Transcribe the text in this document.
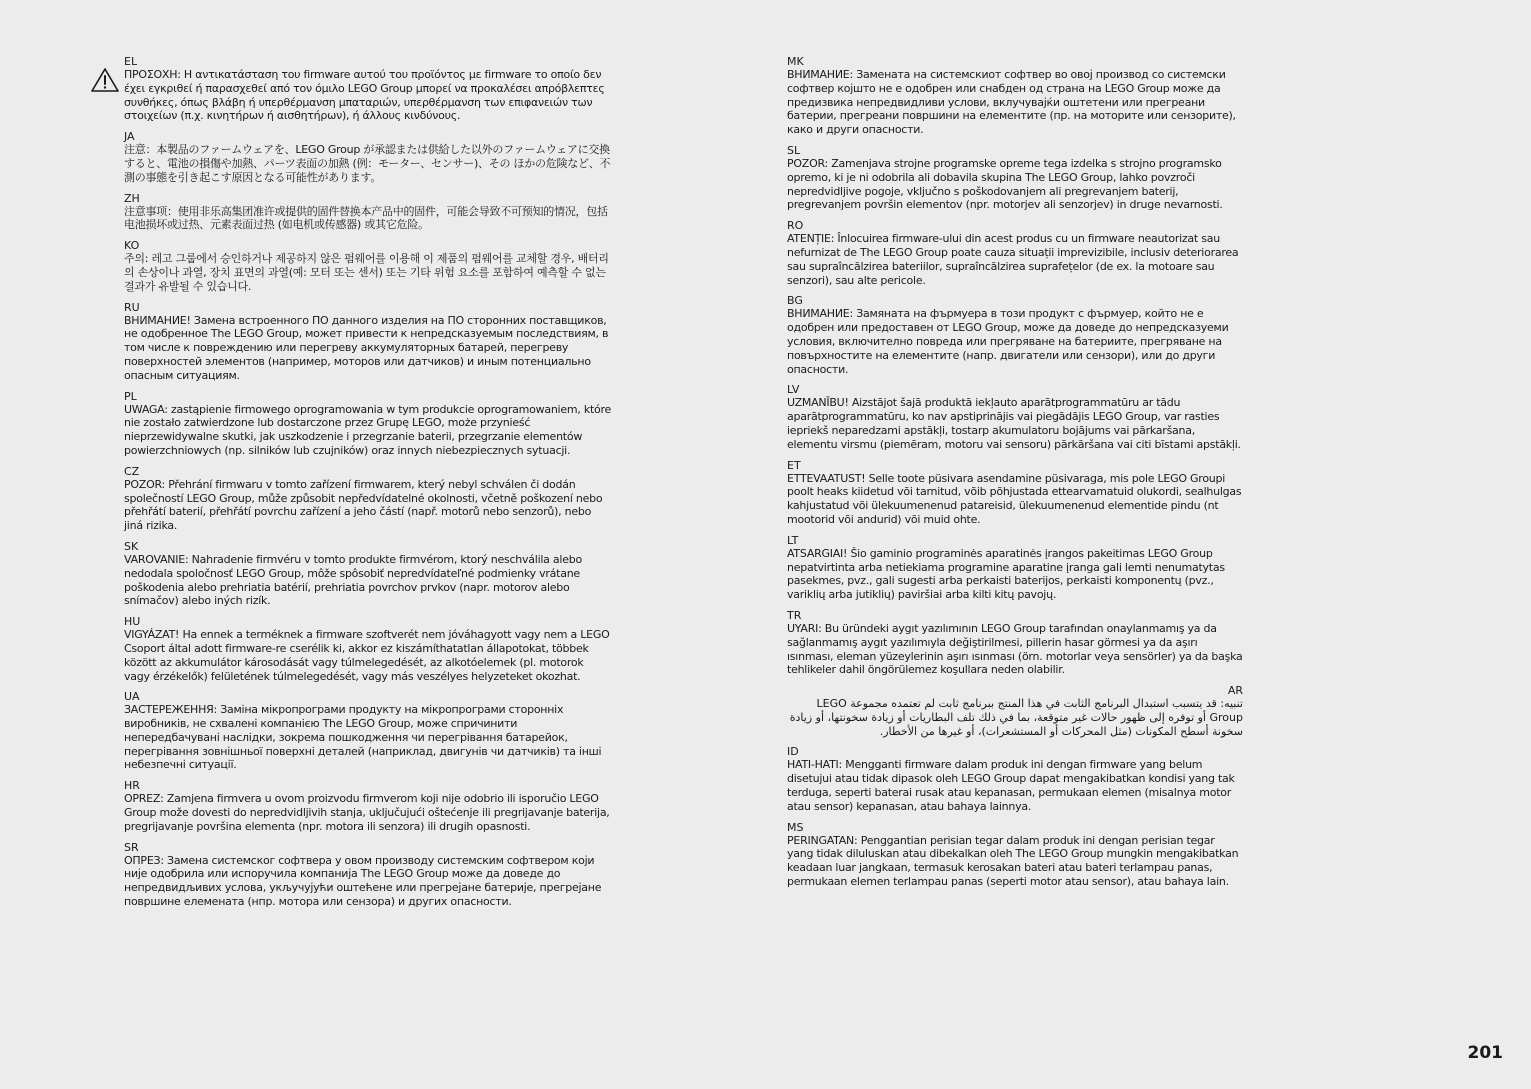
EL

ΠΡΟΣΟΧΗ: Η αντικατάσταση του firmware αυτού του προϊόντος με firmware το οποίο δεν έχει εγκριθεί ή παρασχεθεί από τον όμιλο LEGO Group μπορεί να προκαλέσει απρόβλεπτες συνθήκες, όπως βλάβη ή υπερθέρμανση μπαταριών, υπερθέρμανση των επιφανειών των στοιχείων (π.χ. κινητήρων ή αισθητήρων), ή άλλους κινδύνους.

JA

注意：本製品のファームウェアを、LEGO Group が承認または供給した以外のファームウェアに交換すると、電池の損傷や加熱、パーツ表面の加熱 (例：モーター、センサー)、その ほかの危険など、不測の事態を引き起こす原因となる可能性があります。

ZH

注意事项：使用非乐高集团准许或提供的固件替换本产品中的固件，可能会导致不可预知的情况，包括电池损坏或过热、元素表面过热 (如电机或传感器) 或其它危险。

KO

주의: 레고 그룹에서 승인하거나 제공하지 않은 펌웨어를 이용해 이 제품의 펌웨어를 교체할 경우, 배터리의 손상이나 과열, 장치 표면의 과열(예: 모터 또는 센서) 또는 기타 위험 요소를 포함하여 예측할 수 없는 결과가 유발될 수 있습니다.

RU

ВНИМАНИЕ! Замена встроенного ПО данного изделия на ПО сторонних поставщиков, не одобренное The LEGO Group, может привести к непредсказуемым последствиям, в том числе к повреждению или перегреву аккумуляторных батарей, перегреву поверхностей элементов (например, моторов или датчиков) и иным потенциально опасным ситуациям.

PL

UWAGA: zastąpienie firmowego oprogramowania w tym produkcie oprogramowaniem, które nie zostało zatwierdzone lub dostarczone przez Grupę LEGO, może przynieść nieprzewidywalne skutki, jak uszkodzenie i przegrzanie baterii, przegrzanie elementów powierzchniowych (np. silników lub czujników) oraz innych niebezpiecznych sytuacji.

CZ

POZOR: Přehrání firmwaru v tomto zařízení firmwarem, který nebyl schválen či dodán společností LEGO Group, může způsobit nepředvídatelné okolnosti, včetně poškození nebo přehřátí baterií, přehřátí povrchu zařízení a jeho částí (např. motorů nebo senzorů), nebo jiná rizika.

SK

VAROVANIE: Nahradenie firmvéru v tomto produkte firmvérom, ktorý neschválila alebo nedodala spoločnosť LEGO Group, môže spôsobiť nepredvídateľné podmienky vrátane poškodenia alebo prehriatia batérií, prehriatia povrchov prvkov (napr. motorov alebo snímačov) alebo iných rizík.

HU

VIGYÁZAT! Ha ennek a terméknek a firmware szoftverét nem jóváhagyott vagy nem a LEGO Csoport által adott firmware-re cserélik ki, akkor ez kiszámíthatatlan állapotokat, többek között az akkumulátor károsodását vagy túlmelegedését, az alkotóelemek (pl. motorok vagy érzékelők) felületének túlmelegedését, vagy más veszélyes helyzeteket okozhat.

UA

ЗАСТЕРЕЖЕННЯ: Заміна мікропрограми продукту на мікропрограми сторонніх виробників, не схвалені компанією The LEGO Group, може спричинити непередбачувані наслідки, зокрема пошкодження чи перегрівання батарейок, перегрівання зовнішньої поверхні деталей (наприклад, двигунів чи датчиків) та інші небезпечні ситуації.

HR

OPREZ: Zamjena firmvera u ovom proizvodu firmverom koji nije odobrio ili isporučio LEGO Group može dovesti do nepredvidljivih stanja, uključujući oštećenje ili pregrijavanje baterija, pregrijavanje površina elementa (npr. motora ili senzora) ili drugih opasnosti.

SR

ОПРЕЗ: Замена системског софтвера у овом производу системским софтвером који није одобрила или испоручила компанија The LEGO Group може да доведе до непредвидљивих услова, укључујући оштећене или прегрејане батерије, прегрејане површине елемената (нпр. мотора или сензора) и других опасности.

MK

ВНИМАНИЕ: Замената на системскиот софтвер во овој производ со системски софтвер којшто не е одобрен или снабден од страна на LEGO Group може да предизвика непредвидливи услови, вклучувајќи оштетени или прегреани батерии, прегреани површини на елементите (пр. на моторите или сензорите), како и други опасности.

SL

POZOR: Zamenjava strojne programske opreme tega izdelka s strojno programsko opremo, ki je ni odobrila ali dobavila skupina The LEGO Group, lahko povzroči nepredvidljive pogoje, vključno s poškodovanjem ali pregrevanjem baterij, pregrevanjem površin elementov (npr. motorjev ali senzorjev) in druge nevarnosti.

RO

ATENȚIE: Înlocuirea firmware-ului din acest produs cu un firmware neautorizat sau nefurnizat de The LEGO Group poate cauza situații imprevizibile, inclusiv deteriorarea sau supraîncălzirea bateriilor, supraîncălzirea suprafețelor (de ex. la motoare sau senzori), sau alte pericole.

BG

ВНИМАНИЕ: Замяната на фърмуера в този продукт с фърмуер, който не е одобрен или предоставен от LEGO Group, може да доведе до непредсказуеми условия, включително повреда или прегряване на батериите, прегряване на повърхностите на елементите (напр. двигатели или сензори), или до други опасности.

LV

UZMANĪBU! Aizstājot šajā produktā iekļauto aparātprogrammatūru ar tādu aparātprogrammatūru, ko nav apstiprinājis vai piegādājis LEGO Group, var rasties iepriekš neparedzami apstākļi, tostarp akumulatoru bojājums vai pārkaršana, elementu virsmu (piemēram, motoru vai sensoru) pārkāršana vai citi bīstami apstākļi.

ET

ETTEVAATUST! Selle toote püsivara asendamine püsivaraga, mis pole LEGO Groupi poolt heaks kiidetud või tarnitud, võib põhjustada ettearvamatuid olukordi, sealhulgas kahjustatud või ülekuumenenud patareisid, ülekuumenenud elementide pindu (nt mootorid või andurid) või muid ohte.

LT

ATSARGIAI! Šio gaminio programinės aparatinės įrangos pakeitimas LEGO Group nepatvirtinta arba netiekiama programine aparatine įranga gali lemti nenumatytas pasekmes, pvz., gali sugesti arba perkaisti baterijos, perkaisti komponentų (pvz., variklių arba jutiklių) paviršiai arba kilti kitų pavojų.

TR

UYARI: Bu üründeki aygıt yazılımının LEGO Group tarafından onaylanmamış ya da sağlanmamış aygıt yazılımıyla değiştirilmesi, pillerin hasar görmesi ya da aşırı ısınması, eleman yüzeylerinin aşırı ısınması (örn. motorlar veya sensörler) ya da başka tehlikeler dahil öngörülemez koşullara neden olabilir.

AR

تنبيه: قد يتسبب استبدال البرنامج الثابت في هذا المنتج ببرنامج ثابت لم تعتمده مجموعة LEGO Group أو توفره إلى ظهور حالات غير متوقعة، بما في ذلك تلف البطاريات أو زيادة سخونتها، أو زيادة سخونة أسطح المكونات (مثل المحركات أو المستشعرات)، أو غيرها من الأخطار.

ID

HATI-HATI: Mengganti firmware dalam produk ini dengan firmware yang belum disetujui atau tidak dipasok oleh LEGO Group dapat mengakibatkan kondisi yang tak terduga, seperti baterai rusak atau kepanasan, permukaan elemen (misalnya motor atau sensor) kepanasan, atau bahaya lainnya.

MS

PERINGATAN: Penggantian perisian tegar dalam produk ini dengan perisian tegar yang tidak diluluskan atau dibekalkan oleh The LEGO Group mungkin mengakibatkan keadaan luar jangkaan, termasuk kerosakan bateri atau bateri terlampau panas, permukaan elemen terlampau panas (seperti motor atau sensor), atau bahaya lain.

201
